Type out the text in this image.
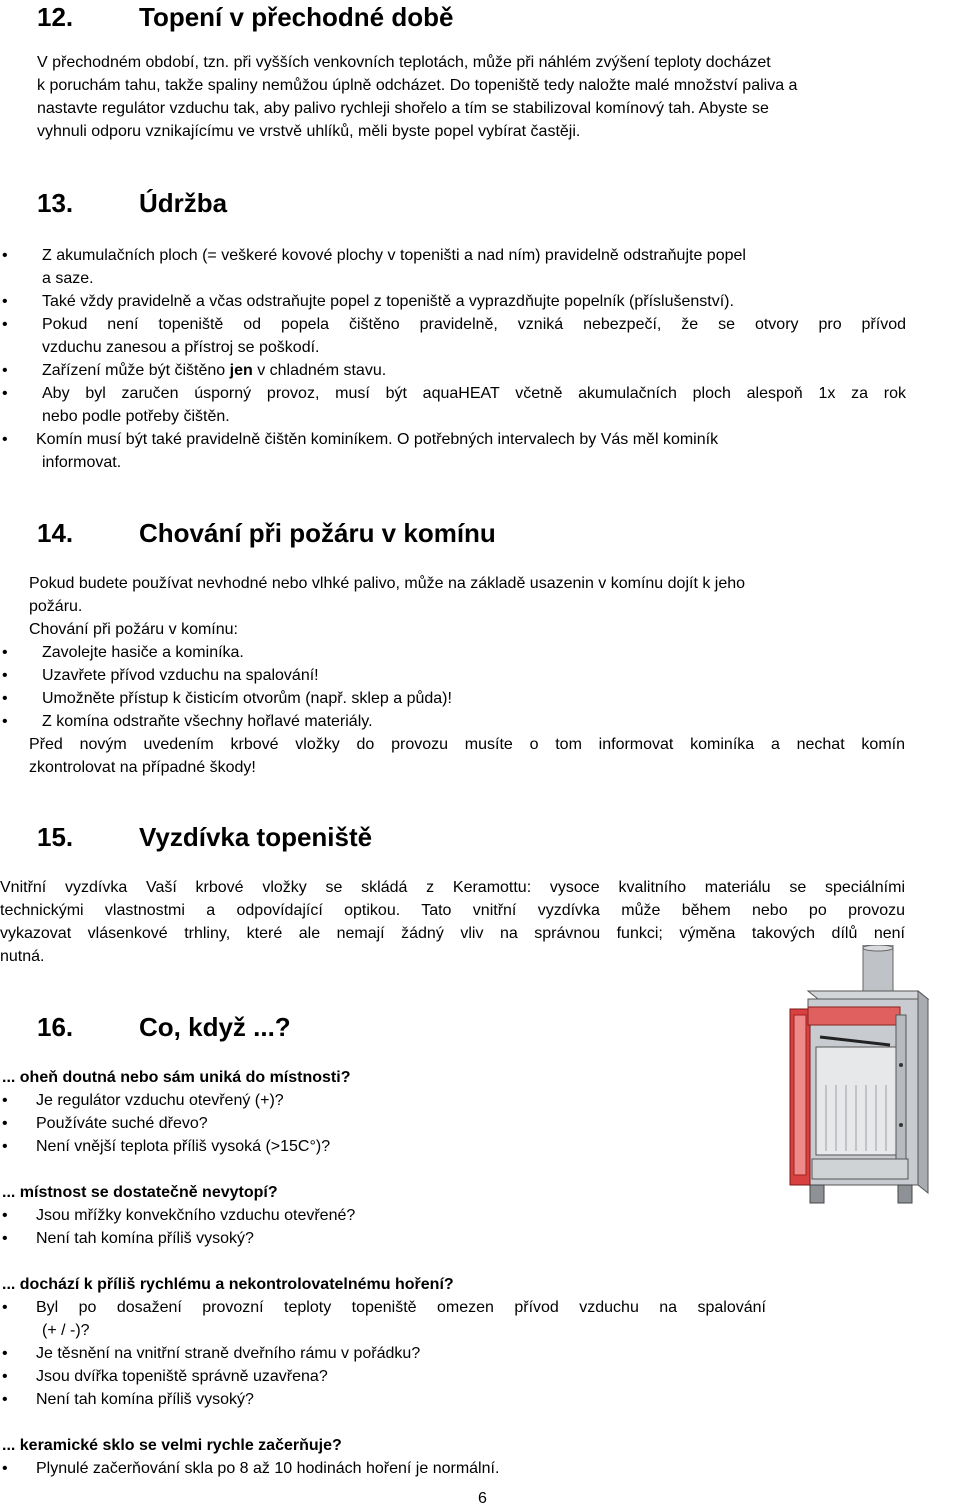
12.	Topení v přechodné době

V přechodném období, tzn. při vyšších venkovních teplotách, může při náhlém zvýšení teploty docházet

k poruchám tahu, takže spaliny nemůžou úplně odcházet. Do topeniště tedy naložte malé množství paliva a

nastavte regulátor vzduchu tak, aby palivo rychleji shořelo a tím se stabilizoval komínový tah. Abyste se

vyhnuli odporu vznikajícímu ve vrstvě uhlíků, měli byste popel vybírat častěji.

13.	Údržba
• Z akumulačních ploch (= veškeré kovové plochy v topeništi a nad ním) pravidelně odstraňujte popel

a saze.

• Také vždy pravidelně a včas odstraňujte popel z topeniště a vyprazdňujte popelník (příslušenství).
• Pokud není topeniště od popela čištěno pravidelně, vzniká nebezpečí, že se otvory pro přívod

vzduchu zanesou a přístroj se poškodí.

• Zařízení může být čištěno jen v chladném stavu.
• Aby byl zaručen úsporný provoz, musí být aquaHEAT včetně akumulačních ploch alespoň 1x za rok

nebo podle potřeby čištěn.

• Komín musí být také pravidelně čištěn kominíkem. O potřebných intervalech by Vás měl kominík

informovat.

14.	Chování při požáru v komínu

Pokud budete používat nevhodné nebo vlhké palivo, může na základě usazenin v komínu dojít k jeho

požáru.

Chování při požáru v komínu:

• Zavolejte hasiče a kominíka.
• Uzavřete přívod vzduchu na spalování!
• Umožněte přístup k čisticím otvorům (např. sklep a půda)!
• Z komína odstraňte všechny hořlavé materiály.

Před novým uvedením krbové vložky do provozu musíte o tom informovat kominíka a nechat komín

zkontrolovat na případné škody!

15.	Vyzdívka topeniště

Vnitřní vyzdívka Vaší krbové vložky se skládá z Keramottu: vysoce kvalitního materiálu se speciálními

technickými vlastnostmi a odpovídající optikou. Tato vnitřní vyzdívka může během nebo po provozu

vykazovat vlásenkové trhliny, které ale nemají žádný vliv na správnou funkci; výměna takových dílů není

nutná.

16.	Co, když ...?

... oheň doutná nebo sám uniká do místnosti?

• Je regulátor vzduchu otevřený (+)?
• Používáte suché dřevo?
• Není vnější teplota příliš vysoká (>15C°)?

... místnost se dostatečně nevytopí?

• Jsou mřížky konvekčního vzduchu otevřené?
• Není tah komína příliš vysoký?

... dochází k příliš rychlému a nekontrolovatelnému hoření?

• Byl po dosažení provozní teploty topeniště omezen přívod vzduchu na spalování

(+ / -)?

• Je těsnění na vnitřní straně dveřního rámu v pořádku?
• Jsou dvířka topeniště správně uzavřena?
• Není tah komína příliš vysoký?

... keramické sklo se velmi rychle začerňuje?

• Plynulé začerňování skla po 8 až 10 hodinách hoření je normální.
6
